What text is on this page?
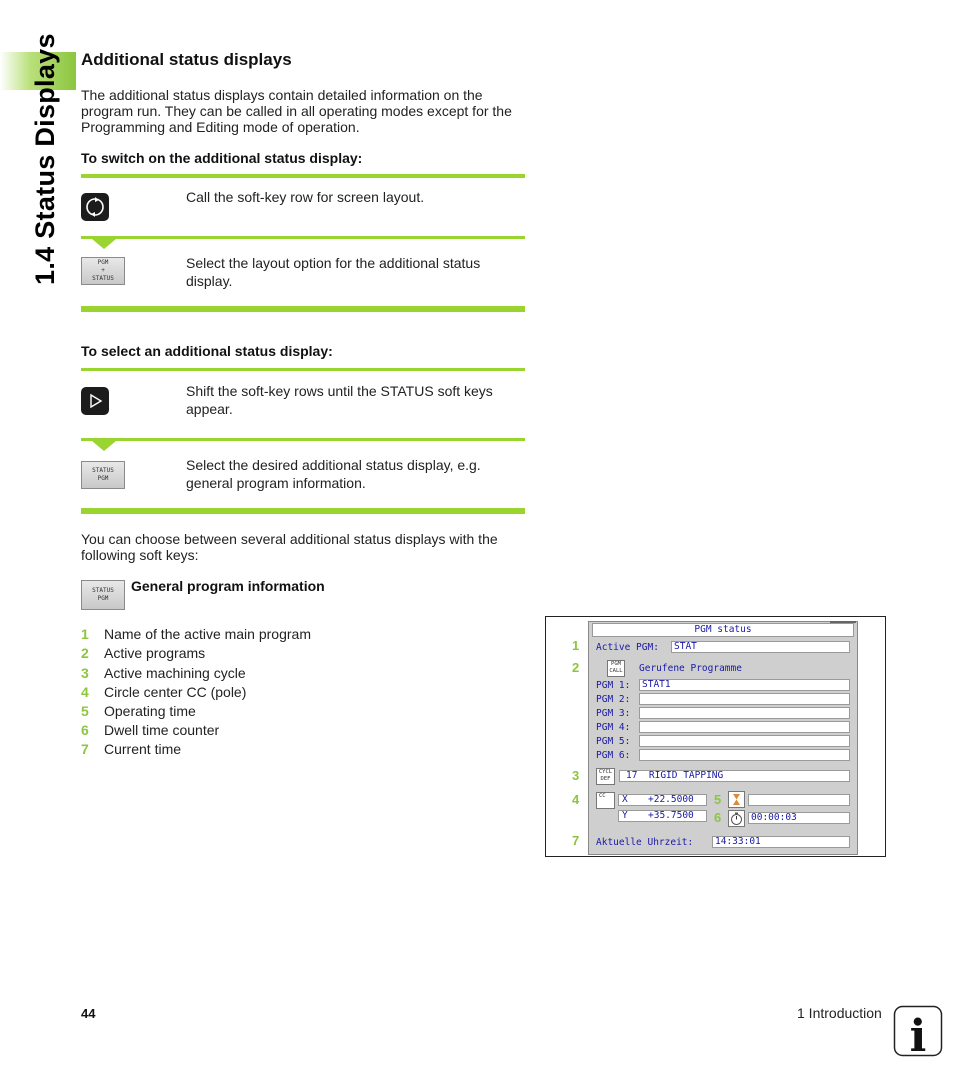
1.4 Status Displays Additional status displays
The additional status displays contain detailed information on the
program run. They can be called in all operating modes except for the
Programming and Editing mode of operation.
To switch on the additional status display:
Call the soft-key row for screen layout.
PGM
+
STATUS
Select the layout option for the additional status
display.
To select an additional status display:
Shift the soft-key rows until the STATUS soft keys
appear.
STATUS
PGM
Select the desired additional status display, e.g.
general program information.
You can choose between several additional status displays with the
following soft keys:
STATUS
PGM
General program information
1 Name of the active main program
2 Active programs
3 Active machining cycle
4 Circle center CC (pole)
5 Operating time
6 Dwell time counter
7 Current time
PGM status
1
2
3
4	5
6
7
Active PGM:	STAT
PGM
CALL Gerufene Programme
PGM 1:	STAT1
PGM 2:
PGM 3:
PGM 4:
PGM 5:
PGM 6:
CYCL
DEF	17  RIGID TAPPING
CC	X +22.5000
Y +35.7500	00:00:03
Aktuelle Uhrzeit:	14:33:01
44	1 Introduction i
